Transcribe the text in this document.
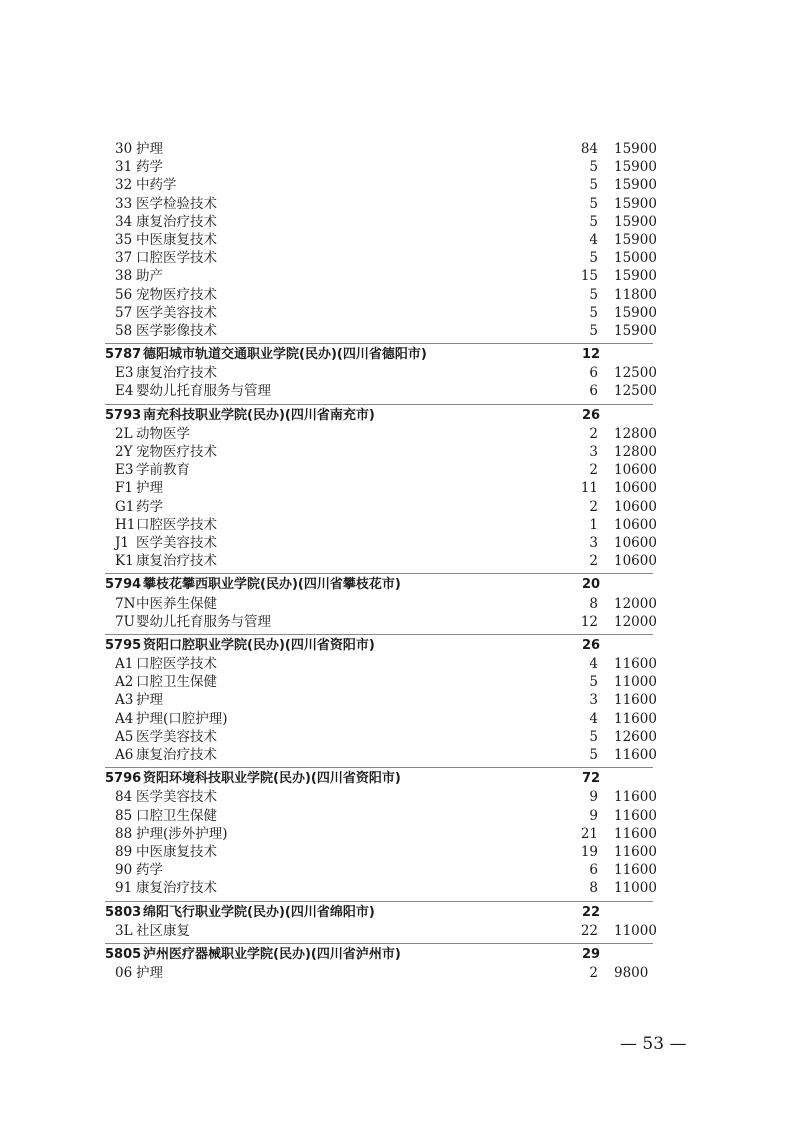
30 护理	84 15900
31 药学	5 15900
32 中药学	5 15900
33 医学检验技术	5 15900
34 康复治疗技术	5 15900
35 中医康复技术	4 15900
37 口腔医学技术	5 15000
38 助产	15 15900
56 宠物医疗技术	5 11800
57 医学美容技术	5 15900
58 医学影像技术	5 15900
5787 德阳城市轨道交通职业学院(民办)(四川省德阳市)	12
E3 康复治疗技术	6 12500
E4 婴幼儿托育服务与管理	6 12500
5793 南充科技职业学院(民办)(四川省南充市)	26
2L 动物医学	2 12800
2Y 宠物医疗技术	3 12800
E3 学前教育	2 10600
F1 护理	11 10600
G1 药学	2 10600
H1 口腔医学技术	1 10600
J1 医学美容技术	3 10600
K1 康复治疗技术	2 10600
5794 攀枝花攀西职业学院(民办)(四川省攀枝花市)	20
7N 中医养生保健	8 12000
7U 婴幼儿托育服务与管理	12 12000
5795 资阳口腔职业学院(民办)(四川省资阳市)	26
A1 口腔医学技术	4 11600
A2 口腔卫生保健	5 11000
A3 护理	3 11600
A4 护理(口腔护理)	4 11600
A5 医学美容技术	5 12600
A6 康复治疗技术	5 11600
5796 资阳环境科技职业学院(民办)(四川省资阳市)	72
84 医学美容技术	9 11600
85 口腔卫生保健	9 11600
88 护理(涉外护理)	21 11600
89 中医康复技术	19 11600
90 药学	6 11600
91 康复治疗技术	8 11000
5803 绵阳飞行职业学院(民办)(四川省绵阳市)	22
3L 社区康复	22 11000
5805 泸州医疗器械职业学院(民办)(四川省泸州市)	29
06 护理	2 9800
— 53 —
